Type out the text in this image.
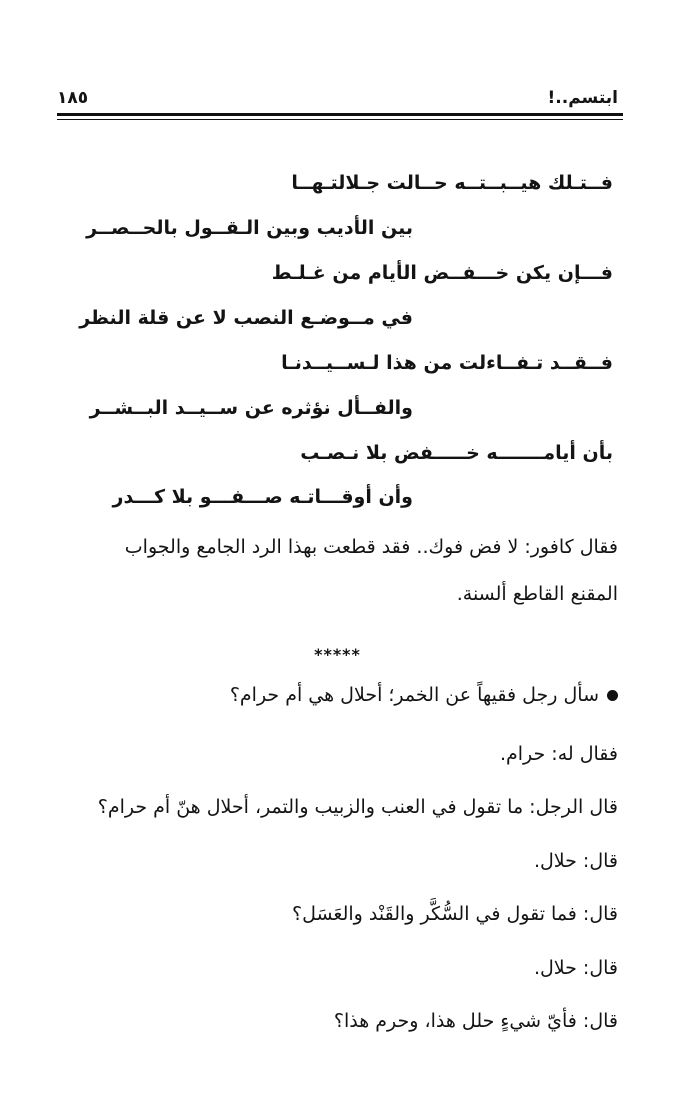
ابتسم..!
١٨٥
فــتـلك هيــبــتــه حــالت جـلالتـهــا
بين الأديب وبين الـقــول بالحــصــر
فـــإن يكن خـــفــض الأيام من غـلـط
في مــوضـع النصب لا عن قلة النظر
فــقــد تـفــاءلت من هذا لـســيــدنـا
والفــأل نؤثره عن ســيــد البــشــر
بأن أيامـــــــه خـــــفض بلا نـصـب
وأن أوقـــاتـه صـــفـــو بلا كـــدر
فقال كافور: لا فض فوك.. فقد قطعت بهذا الرد الجامع والجواب
المقنع القاطع ألسنة.
*****
سأل رجل فقيهاً عن الخمر؛ أحلال هي أم حرام؟
فقال له: حرام.
قال الرجل: ما تقول في العنب والزبيب والتمر، أحلال هنّ أم حرام؟
قال: حلال.
قال: فما تقول في السُّكَّر والقَنْد والعَسَل؟
قال: حلال.
قال: فأيّ شيءٍ حلل هذا، وحرم هذا؟
